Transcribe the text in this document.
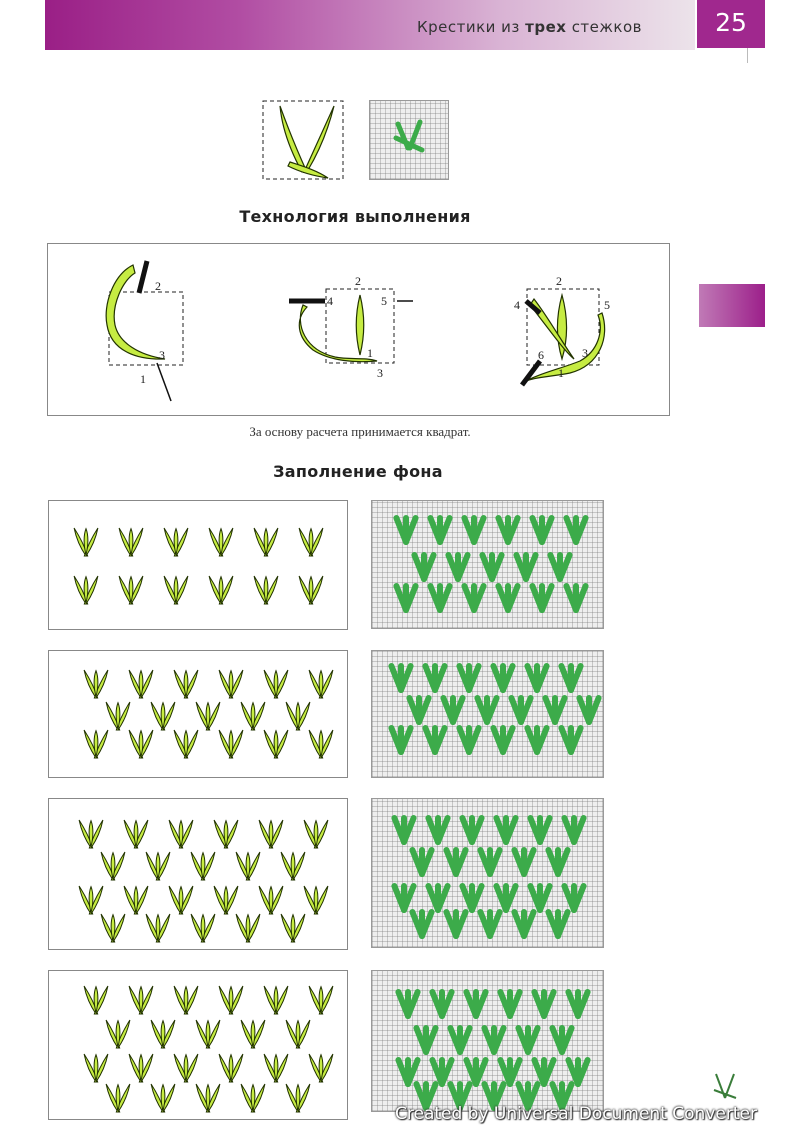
Крестики из трех стежков	25
Технология выполнения
2
3
1
2
4	5
1
3
2
4	5
6	3
1
За основу расчета принимается квадрат.
Заполнение фона
Created by Universal Document Converter
